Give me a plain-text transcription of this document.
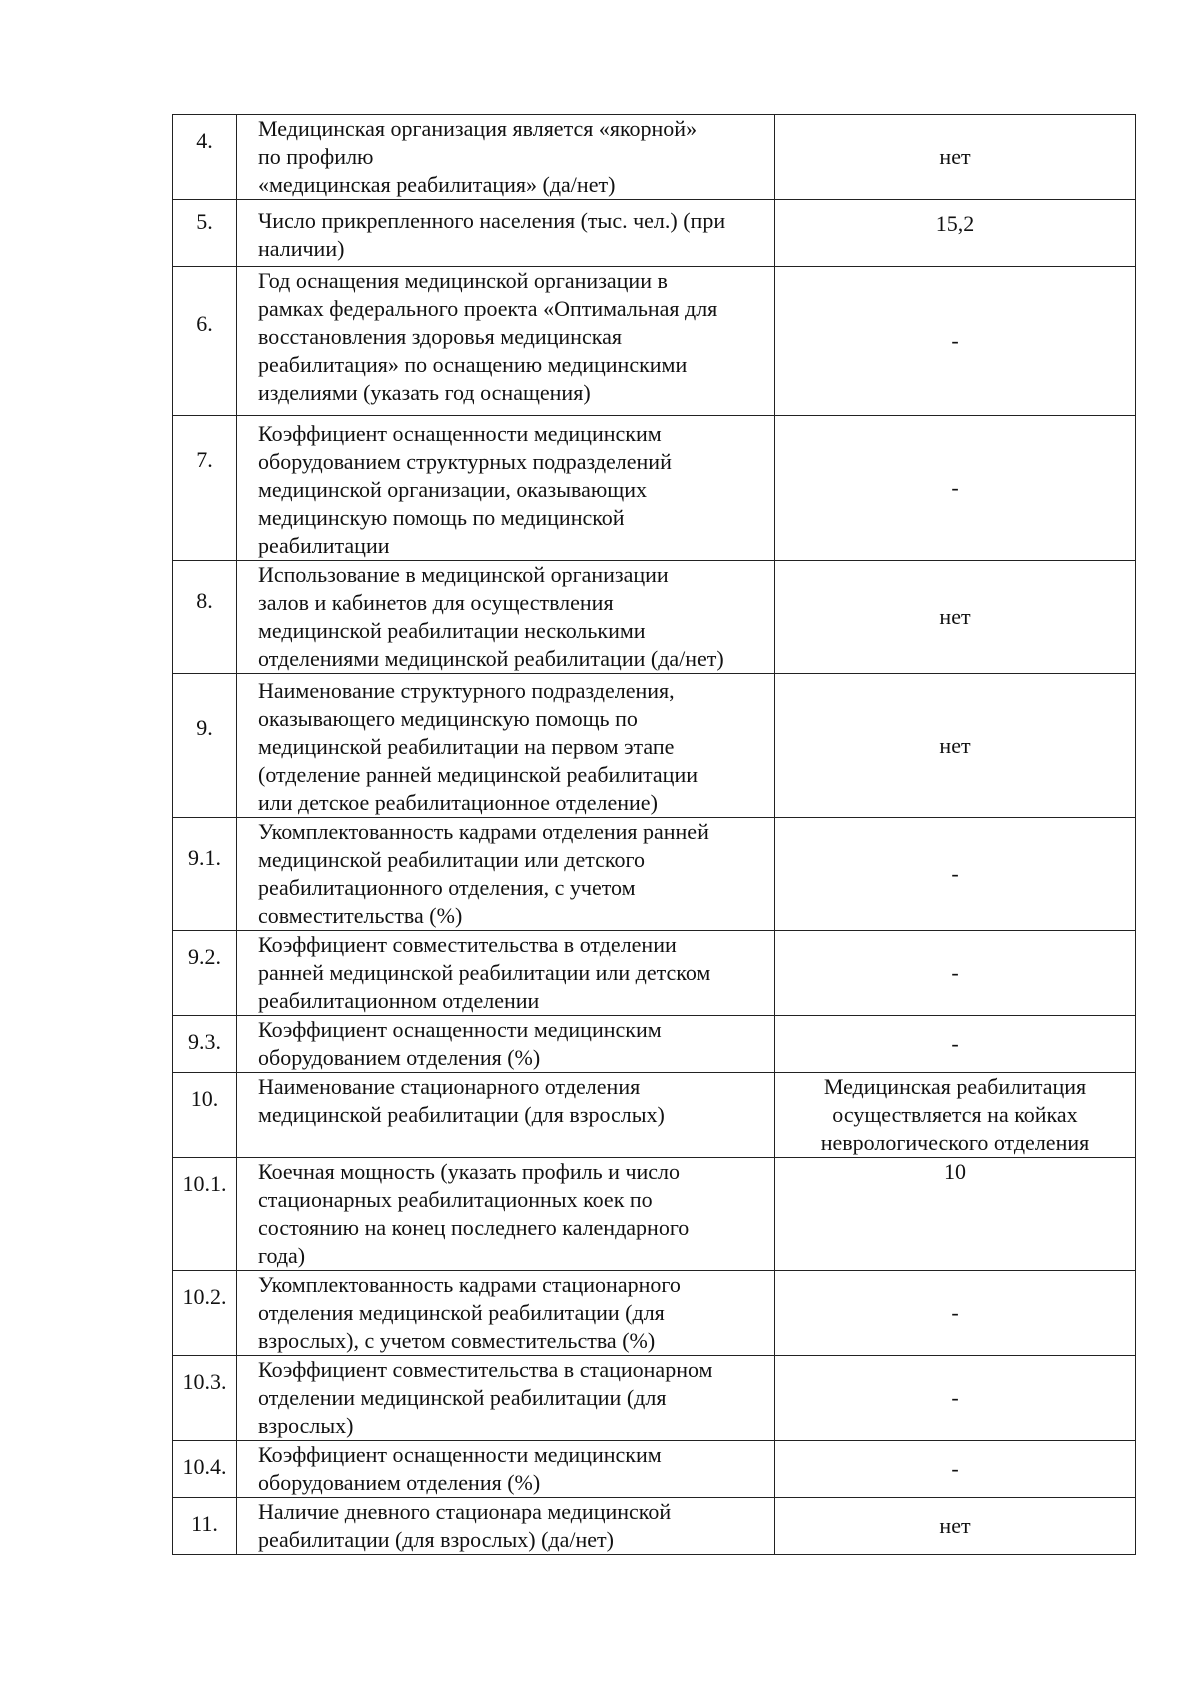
4.	Медицинская организация является «якорной»
по профилю
«медицинская реабилитация» (да/нет)	нет

5.	Число прикрепленного населения (тыс. чел.) (при
наличии)	15,2

6.	Год оснащения медицинской организации в
рамках федерального проекта «Оптимальная для
восстановления здоровья медицинская
реабилитация» по оснащению медицинскими
изделиями (указать год оснащения)	-

7.	Коэффициент оснащенности медицинским
оборудованием структурных подразделений
медицинской организации, оказывающих
медицинскую помощь по медицинской
реабилитации	-

8.	Использование в медицинской организации
залов и кабинетов для осуществления
медицинской реабилитации несколькими
отделениями медицинской реабилитации (да/нет)	нет

9.	Наименование структурного подразделения,
оказывающего медицинскую помощь по
медицинской реабилитации на первом этапе
(отделение ранней медицинской реабилитации
или детское реабилитационное отделение)	нет

9.1.	Укомплектованность кадрами отделения ранней
медицинской реабилитации или детского
реабилитационного отделения, с учетом
совместительства (%)	-

9.2.	Коэффициент совместительства в отделении
ранней медицинской реабилитации или детском
реабилитационном отделении	-

9.3.	Коэффициент оснащенности медицинским
оборудованием отделения (%)	-

10.	Наименование стационарного отделения
медицинской реабилитации (для взрослых)	Медицинская реабилитация
осуществляется на койках
неврологического отделения

10.1.	Коечная мощность (указать профиль и число
стационарных реабилитационных коек по
состоянию на конец последнего календарного
года)	10

10.2.	Укомплектованность кадрами стационарного
отделения медицинской реабилитации (для
взрослых), с учетом совместительства (%)	-

10.3.	Коэффициент совместительства в стационарном
отделении медицинской реабилитации (для
взрослых)	-

10.4.	Коэффициент оснащенности медицинским
оборудованием отделения (%)	-

11.	Наличие дневного стационара медицинской
реабилитации (для взрослых) (да/нет)	нет
